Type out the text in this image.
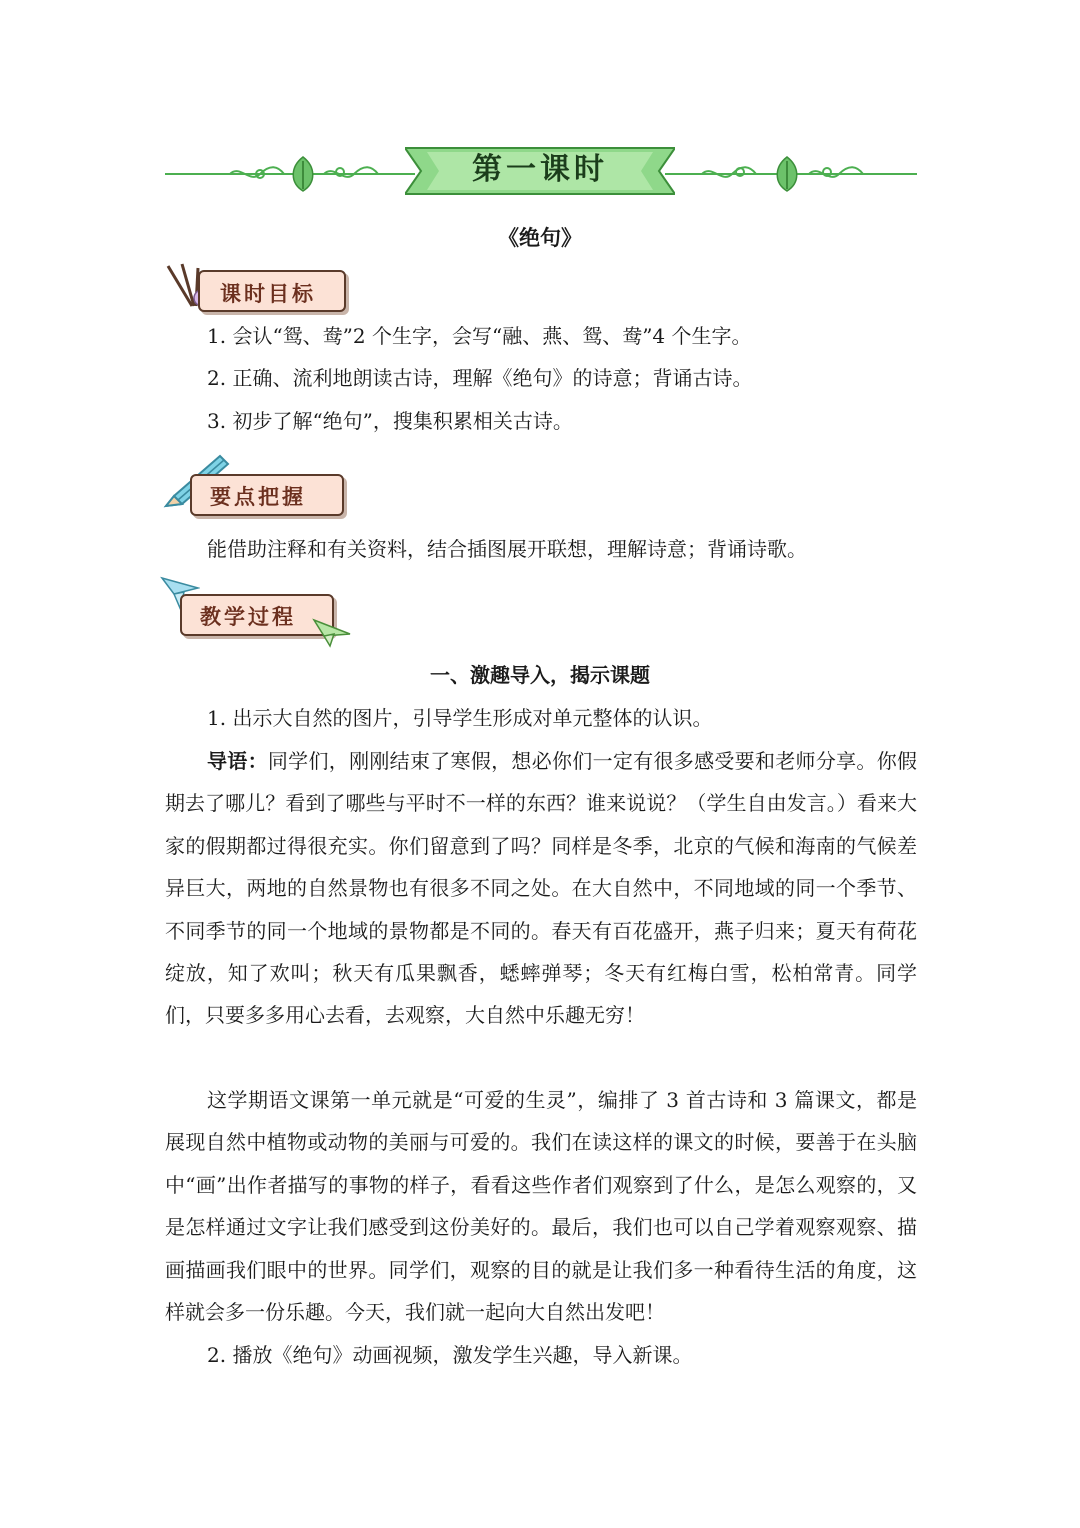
第一课时
《绝句》
课时目标
1. 会认“鸳、鸯”2 个生字，会写“融、燕、鸳、鸯”4 个生字。
2. 正确、流利地朗读古诗，理解《绝句》的诗意；背诵古诗。
3. 初步了解“绝句”，搜集积累相关古诗。
要点把握
能借助注释和有关资料，结合插图展开联想，理解诗意；背诵诗歌。
教学过程
一、激趣导入，揭示课题
1. 出示大自然的图片，引导学生形成对单元整体的认识。

导语：同学们，刚刚结束了寒假，想必你们一定有很多感受要和老师分享。你假期去了哪儿？看到了哪些与平时不一样的东西？谁来说说？（学生自由发言。）看来大家的假期都过得很充实。你们留意到了吗？同样是冬季，北京的气候和海南的气候差异巨大，两地的自然景物也有很多不同之处。在大自然中，不同地域的同一个季节、不同季节的同一个地域的景物都是不同的。春天有百花盛开，燕子归来；夏天有荷花绽放，知了欢叫；秋天有瓜果飘香，蟋蟀弹琴；冬天有红梅白雪，松柏常青。同学们，只要多多用心去看，去观察，大自然中乐趣无穷！

这学期语文课第一单元就是“可爱的生灵”，编排了 3 首古诗和 3 篇课文，都是展现自然中植物或动物的美丽与可爱的。我们在读这样的课文的时候，要善于在头脑中“画”出作者描写的事物的样子，看看这些作者们观察到了什么，是怎么观察的，又是怎样通过文字让我们感受到这份美好的。最后，我们也可以自己学着观察观察、描画描画我们眼中的世界。同学们，观察的目的就是让我们多一种看待生活的角度，这样就会多一份乐趣。今天，我们就一起向大自然出发吧！

2. 播放《绝句》动画视频，激发学生兴趣，导入新课。
